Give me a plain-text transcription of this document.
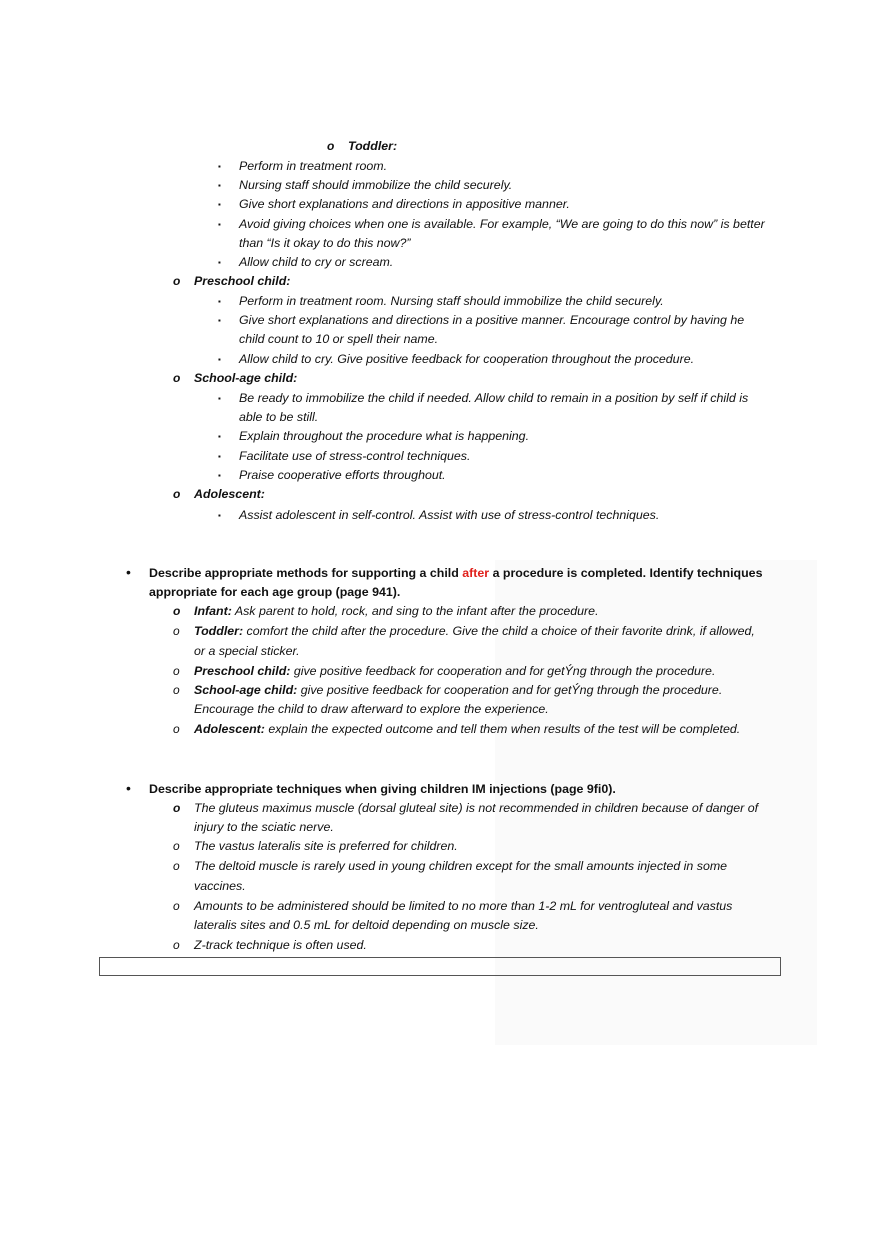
o Toddler:
▪ Perform in treatment room.
▪ Nursing staff should immobilize the child securely.
▪ Give short explanations and directions in appositive manner.
▪ Avoid giving choices when one is available. For example, “We are going to do this now” is better
than “Is it okay to do this now?”
▪ Allow child to cry or scream.
o Preschool child:
▪ Perform in treatment room. Nursing staff should immobilize the child securely.
▪ Give short explanations and directions in a positive manner. Encourage control by having he
child count to 10 or spell their name.
▪ Allow child to cry. Give positive feedback for cooperation throughout the procedure.
o School-age child:
▪ Be ready to immobilize the child if needed. Allow child to remain in a position by self if child is
able to be still.
▪ Explain throughout the procedure what is happening.
▪ Facilitate use of stress-control techniques.
▪ Praise cooperative efforts throughout.
o Adolescent:
▪ Assist adolescent in self-control. Assist with use of stress-control techniques.
• Describe appropriate methods for supporting a child after a procedure is completed. Identify techniques
appropriate for each age group (page 941).
o Infant: Ask parent to hold, rock, and sing to the infant after the procedure.
o Toddler: comfort the child after the procedure. Give the child a choice of their favorite drink, if allowed,
or a special sticker.
o Preschool child: give positive feedback for cooperation and for getÝ́ng through the procedure.
o School-age child: give positive feedback for cooperation and for getÝ́ng through the procedure.
Encourage the child to draw afterward to explore the experience.
o Adolescent: explain the expected outcome and tell them when results of the test will be completed.
• Describe appropriate techniques when giving children IM injections (page 9ﬁ0).
o The gluteus maximus muscle (dorsal gluteal site) is not recommended in children because of danger of
injury to the sciatic nerve.
o The vastus lateralis site is preferred for children.
o The deltoid muscle is rarely used in young children except for the small amounts injected in some
vaccines.
o Amounts to be administered should be limited to no more than 1-2 mL for ventrogluteal and vastus
lateralis sites and 0.5 mL for deltoid depending on muscle size.
o Z-track technique is often used.
